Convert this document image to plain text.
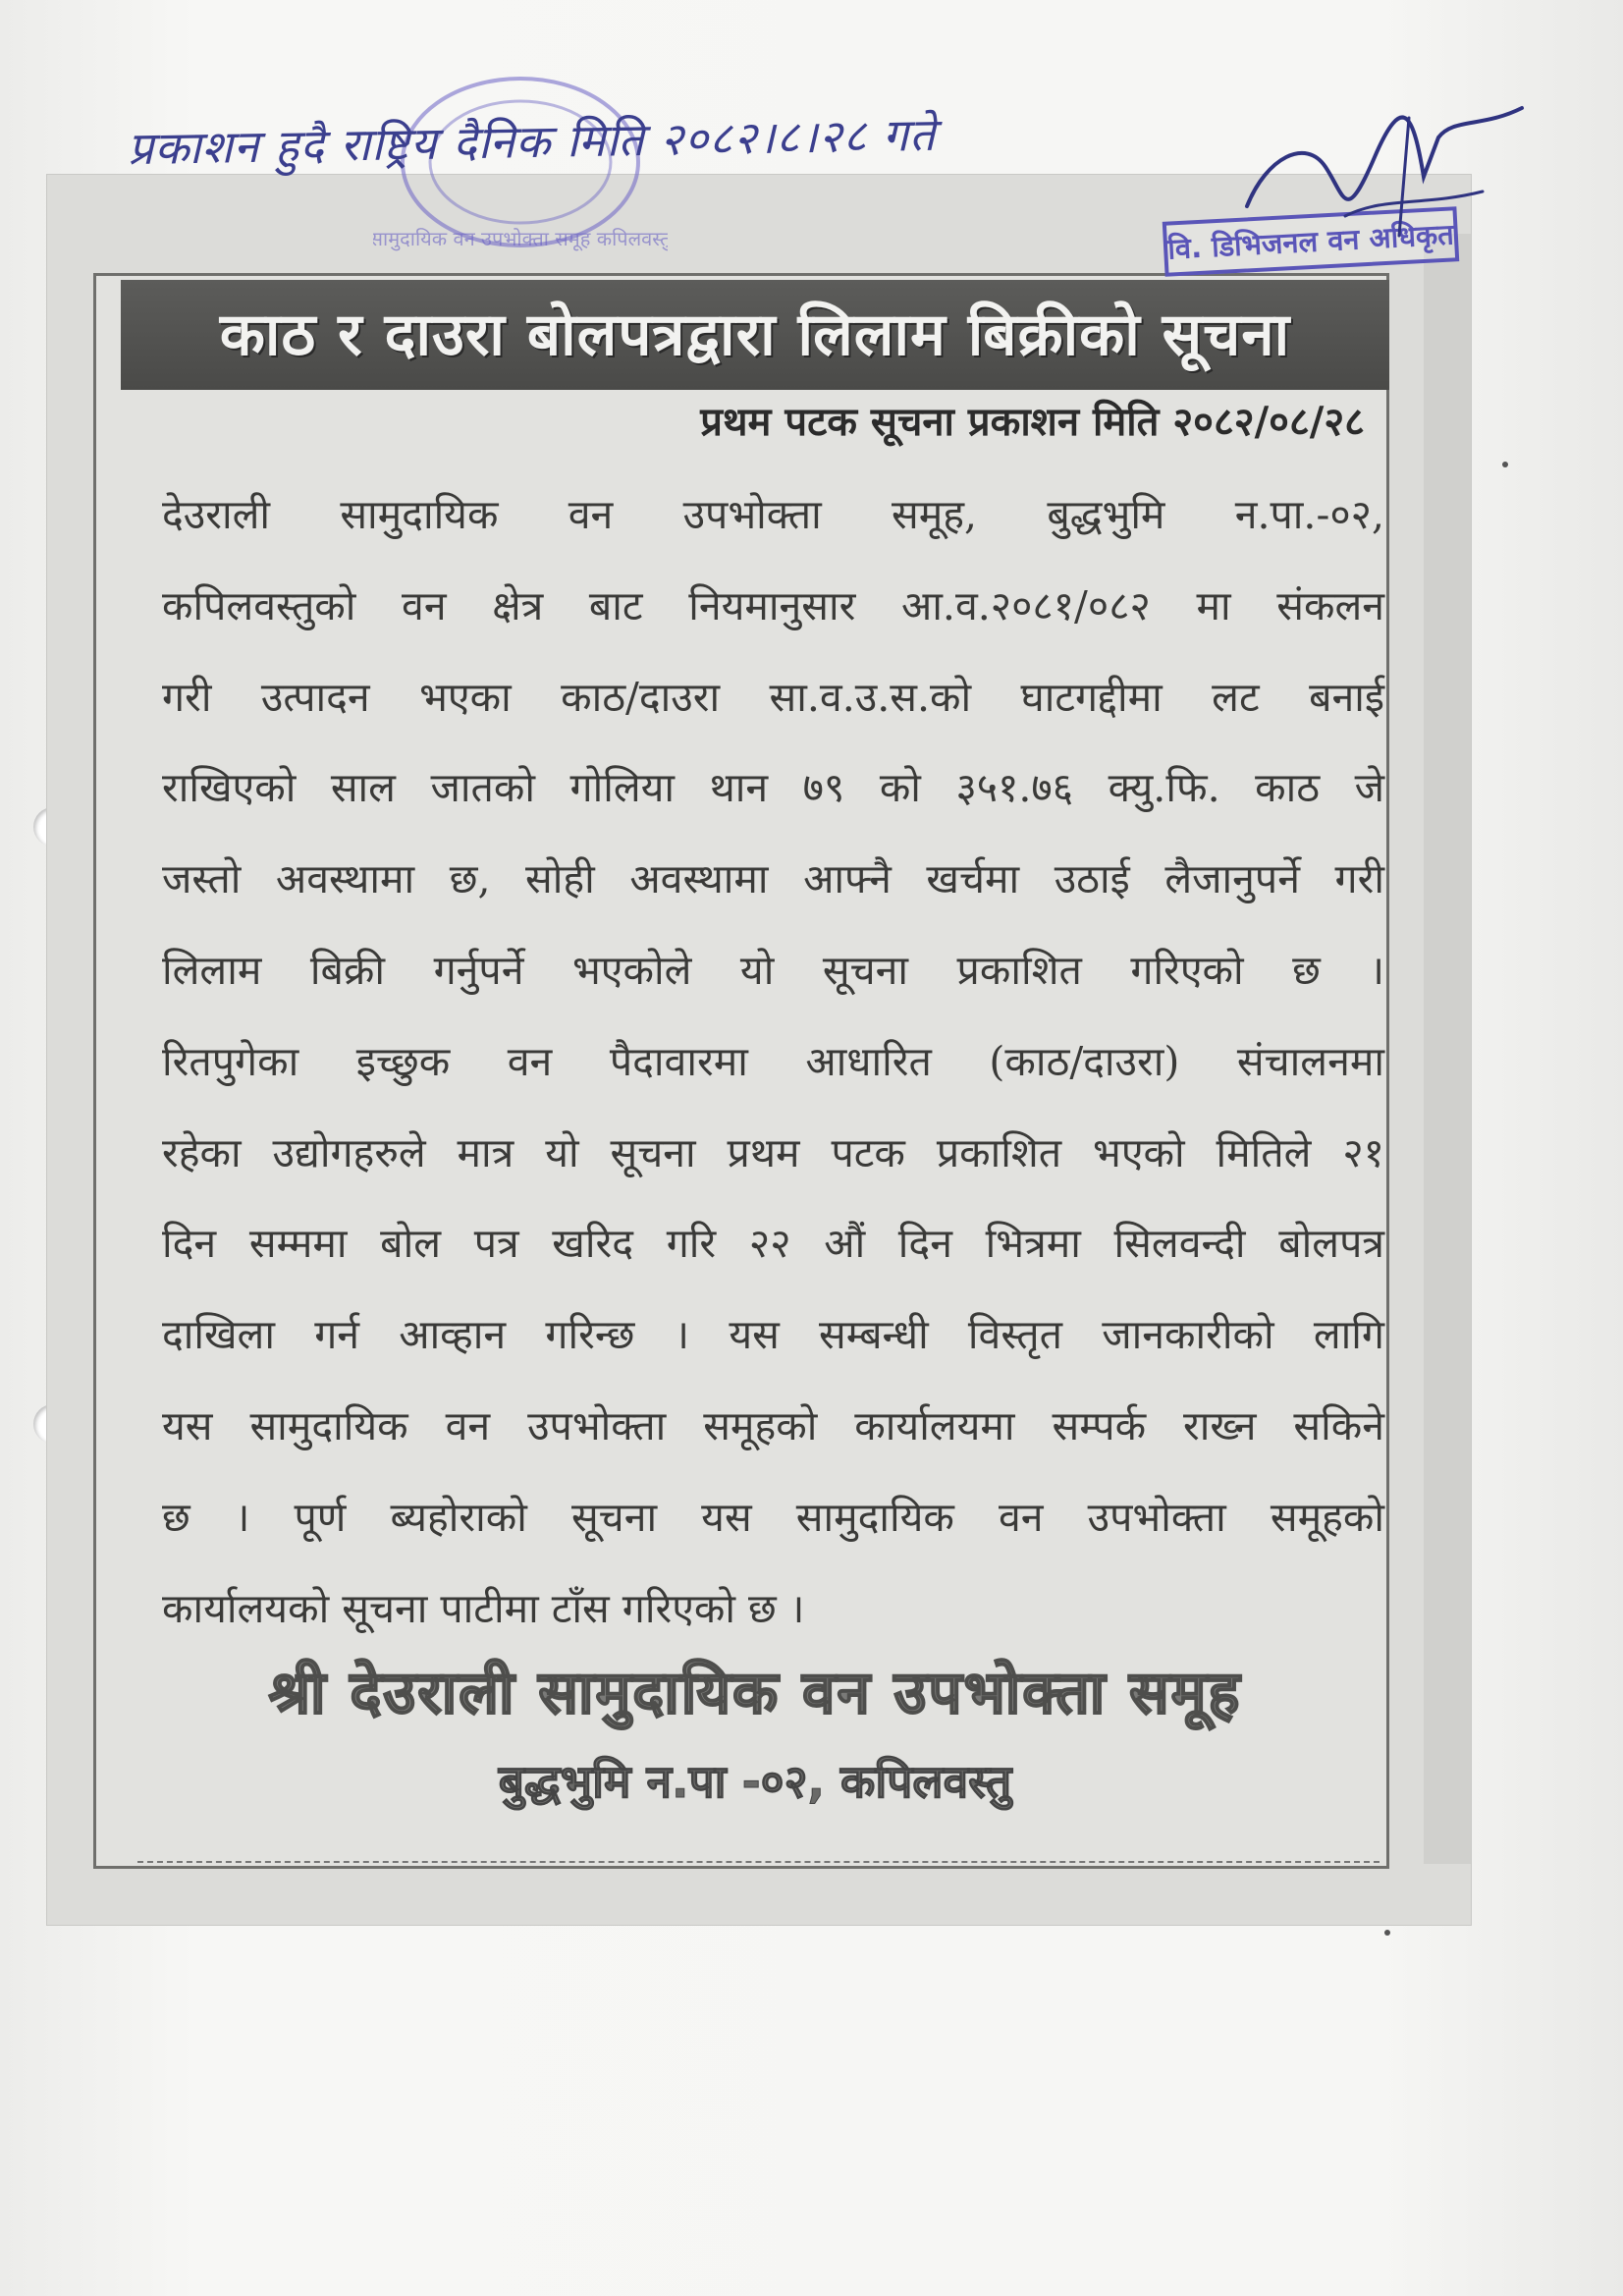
काठ र दाउरा बोलपत्रद्वारा लिलाम बिक्रीको सूचना
प्रथम पटक सूचना प्रकाशन मिति २०८२/०८/२८
देउराली सामुदायिक वन उपभोक्ता समूह, बुद्धभुमि न.पा.-०२,
कपिलवस्तुको वन क्षेत्र बाट नियमानुसार आ.व.२०८१/०८२ मा संकलन
गरी उत्पादन भएका काठ/दाउरा सा.व.उ.स.को घाटगद्दीमा लट बनाई
राखिएको साल जातको गोलिया थान ७९ को ३५१.७६ क्यु.फि. काठ जे
जस्तो अवस्थामा छ, सोही अवस्थामा आफ्नै खर्चमा उठाई लैजानुपर्ने गरी
लिलाम बिक्री गर्नुपर्ने भएकोले यो सूचना प्रकाशित गरिएको छ ।
रितपुगेका इच्छुक वन पैदावारमा आधारित (काठ/दाउरा) संचालनमा
रहेका उद्योगहरुले मात्र यो सूचना प्रथम पटक प्रकाशित भएको मितिले २१
दिन सम्ममा बोल पत्र खरिद गरि २२ औं दिन भित्रमा सिलवन्दी बोलपत्र
दाखिला गर्न आव्हान गरिन्छ । यस सम्बन्धी विस्तृत जानकारीको लागि
यस सामुदायिक वन उपभोक्ता समूहको कार्यालयमा सम्पर्क राख्न सकिने
छ । पूर्ण ब्यहोराको सूचना यस सामुदायिक वन उपभोक्ता समूहको
कार्यालयको सूचना पाटीमा टाँस गरिएको छ ।
श्री देउराली सामुदायिक वन उपभोक्ता समूह
बुद्धभुमि न.पा -०२, कपिलवस्तु
सामुदायिक वन उपभोक्ता समूह कपिलवस्तु
प्रकाशन हुदै राष्ट्रिय दैनिक मिति २०८२।८।२८ गते
वि. डिभिजनल वन अधिकृत
